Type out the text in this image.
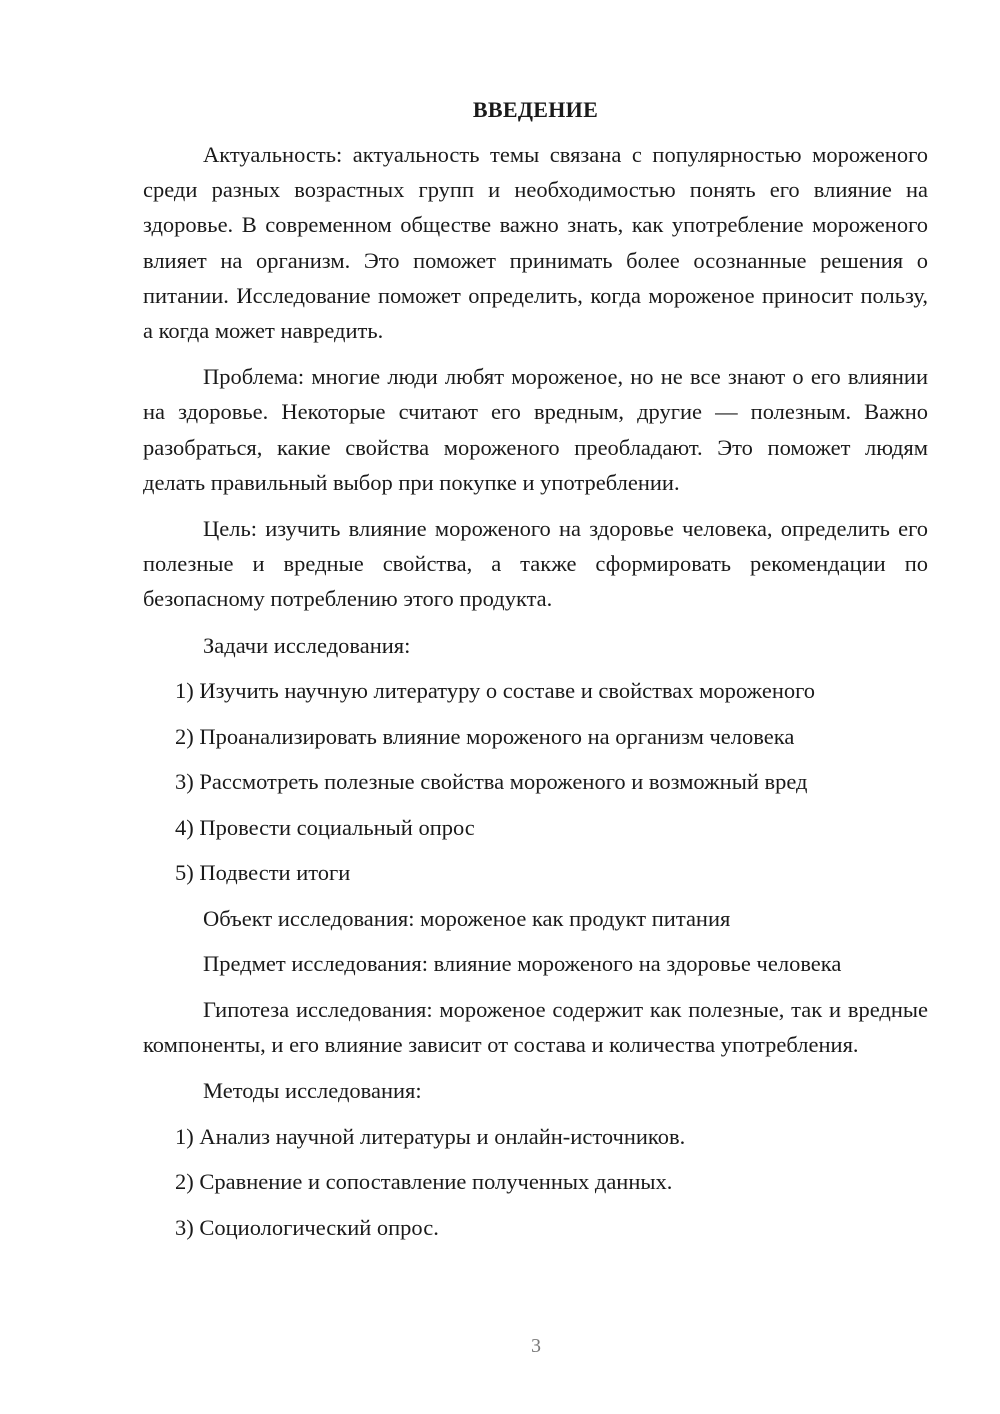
ВВЕДЕНИЕ

Актуальность: актуальность темы связана с популярностью мороженого среди разных возрастных групп и необходимостью понять его влияние на здоровье. В современном обществе важно знать, как употребление мороженого влияет на организм. Это поможет принимать более осознанные решения о питании. Исследование поможет определить, когда мороженое приносит пользу, а когда может навредить.

Проблема: многие люди любят мороженое, но не все знают о его влиянии на здоровье. Некоторые считают его вредным, другие — полезным. Важно разобраться, какие свойства мороженого преобладают. Это поможет людям делать правильный выбор при покупке и употреблении.

Цель: изучить влияние мороженого на здоровье человека, определить его полезные и вредные свойства, а также сформировать рекомендации по безопасному потреблению этого продукта.

Задачи исследования:
1) Изучить научную литературу о составе и свойствах мороженого
2) Проанализировать влияние мороженого на организм человека
3) Рассмотреть полезные свойства мороженого и возможный вред
4) Провести социальный опрос
5) Подвести итоги
Объект исследования: мороженое как продукт питания
Предмет исследования: влияние мороженого на здоровье человека

Гипотеза исследования: мороженое содержит как полезные, так и вредные компоненты, и его влияние зависит от состава и количества употребления.

Методы исследования:
1) Анализ научной литературы и онлайн-источников.
2) Сравнение и сопоставление полученных данных.
3) Социологический опрос.
3
